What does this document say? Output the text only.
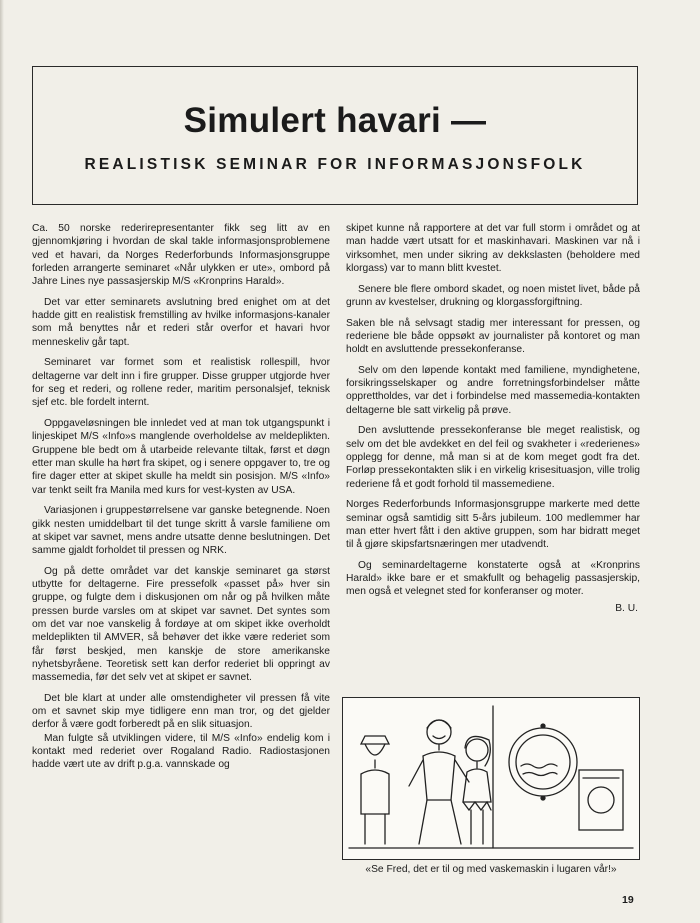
Simulert havari —
REALISTISK SEMINAR FOR INFORMASJONSFOLK

Ca. 50 norske rederirepresentanter fikk seg litt av en gjennomkjøring i hvordan de skal takle informasjonsproblemene ved et havari, da Norges Rederforbunds Informasjonsgruppe forleden arrangerte seminaret «Når ulykken er ute», ombord på Jahre Lines nye passasjerskip M/S «Kronprins Harald».

Det var etter seminarets avslutning bred enighet om at det hadde gitt en realistisk fremstilling av hvilke informasjons-kanaler som må benyttes når et rederi står overfor et havari hvor menneskeliv går tapt.

Seminaret var formet som et realistisk rollespill, hvor deltagerne var delt inn i fire grupper. Disse grupper utgjorde hver for seg et rederi, og rollene reder, maritim personalsjef, teknisk sjef etc. ble fordelt internt.

Oppgaveløsningen ble innledet ved at man tok utgangspunkt i linjeskipet M/S «Info»s manglende overholdelse av meldeplikten. Gruppene ble bedt om å utarbeide relevante tiltak, først et døgn etter man skulle ha hørt fra skipet, og i senere oppgaver to, tre og fire dager etter at skipet skulle ha meldt sin posisjon. M/S «Info» var tenkt seilt fra Manila med kurs for vest-kysten av USA.

Variasjonen i gruppestørrelsene var ganske betegnende. Noen gikk nesten umiddelbart til det tunge skritt å varsle familiene om at skipet var savnet, mens andre utsatte denne beslutningen. Det samme gjaldt forholdet til pressen og NRK.

Og på dette området var det kanskje seminaret ga størst utbytte for deltagerne. Fire pressefolk «passet på» hver sin gruppe, og fulgte dem i diskusjonen om når og på hvilken måte pressen burde varsles om at skipet var savnet. Det syntes som om det var noe vanskelig å fordøye at om skipet ikke overholdt meldeplikten til AMVER, så behøver det ikke være rederiet som får først beskjed, men kanskje de store amerikanske nyhetsbyråene. Teoretisk sett kan derfor rederiet bli oppringt av massemedia, før det selv vet at skipet er savnet.

Det ble klart at under alle omstendigheter vil pressen få vite om et savnet skip mye tidligere enn man tror, og det gjelder derfor å være godt forberedt på en slik situasjon.

Man fulgte så utviklingen videre, til M/S «Info» endelig kom i kontakt med rederiet over Rogaland Radio. Radiostasjonen hadde vært ute av drift p.g.a. vannskade og

skipet kunne nå rapportere at det var full storm i området og at man hadde vært utsatt for et maskinhavari. Maskinen var nå i virksomhet, men under sikring av dekkslasten (beholdere med klorgass) var to mann blitt kvestet.

Senere ble flere ombord skadet, og noen mistet livet, både på grunn av kvestelser, drukning og klorgassforgiftning.

Saken ble nå selvsagt stadig mer interessant for pressen, og rederiene ble både oppsøkt av journalister på kontoret og man holdt en avsluttende pressekonferanse.

Selv om den løpende kontakt med familiene, myndighetene, forsikringsselskaper og andre forretningsforbindelser måtte opprettholdes, var det i forbindelse med massemedia-kontakten deltagerne ble satt virkelig på prøve.

Den avsluttende pressekonferanse ble meget realistisk, og selv om det ble avdekket en del feil og svakheter i «rederienes» opplegg for denne, må man si at de kom meget godt fra det. Forløp pressekontakten slik i en virkelig krisesituasjon, ville trolig rederiene få et godt forhold til massemediene.

Norges Rederforbunds Informasjonsgruppe markerte med dette seminar også samtidig sitt 5-års jubileum. 100 medlemmer har man etter hvert fått i den aktive gruppen, som har bidratt meget til å gjøre skipsfartsnæringen mer utadvendt.

Og seminardeltagerne konstaterte også at «Kronprins Harald» ikke bare er et smakfullt og behagelig passasjerskip, men også et velegnet sted for konferanser og moter.

B. U.
«Se Fred, det er til og med vaskemaskin i lugaren vår!»
19
